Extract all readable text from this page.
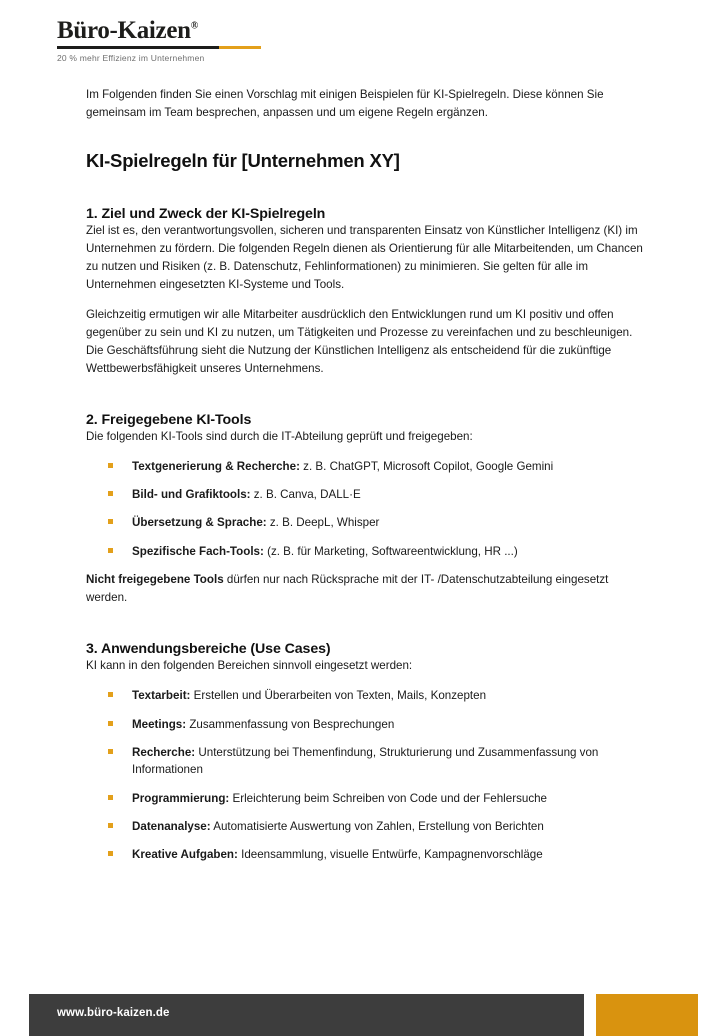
Büro-Kaizen®
20 % mehr Effizienz im Unternehmen

Im Folgenden finden Sie einen Vorschlag mit einigen Beispielen für KI-Spielregeln. Diese können Sie gemeinsam im Team besprechen, anpassen und um eigene Regeln ergänzen.

KI-Spielregeln für [Unternehmen XY]
1. Ziel und Zweck der KI-Spielregeln

Ziel ist es, den verantwortungsvollen, sicheren und transparenten Einsatz von Künstlicher Intelligenz (KI) im Unternehmen zu fördern. Die folgenden Regeln dienen als Orientierung für alle Mitarbeitenden, um Chancen zu nutzen und Risiken (z. B. Datenschutz, Fehlinformationen) zu minimieren. Sie gelten für alle im Unternehmen eingesetzten KI-Systeme und Tools.

Gleichzeitig ermutigen wir alle Mitarbeiter ausdrücklich den Entwicklungen rund um KI positiv und offen gegenüber zu sein und KI zu nutzen, um Tätigkeiten und Prozesse zu vereinfachen und zu beschleunigen. Die Geschäftsführung sieht die Nutzung der Künstlichen Intelligenz als entscheidend für die zukünftige Wettbewerbsfähigkeit unseres Unternehmens.

2. Freigegebene KI-Tools

Die folgenden KI-Tools sind durch die IT-Abteilung geprüft und freigegeben:

Textgenerierung & Recherche: z. B. ChatGPT, Microsoft Copilot, Google Gemini
Bild- und Grafiktools: z. B. Canva, DALL·E
Übersetzung & Sprache: z. B. DeepL, Whisper
Spezifische Fach-Tools: (z. B. für Marketing, Softwareentwicklung, HR ...)

Nicht freigegebene Tools dürfen nur nach Rücksprache mit der IT- /Datenschutzabteilung eingesetzt werden.

3. Anwendungsbereiche (Use Cases)

KI kann in den folgenden Bereichen sinnvoll eingesetzt werden:

Textarbeit: Erstellen und Überarbeiten von Texten, Mails, Konzepten
Meetings: Zusammenfassung von Besprechungen
Recherche: Unterstützung bei Themenfindung, Strukturierung und Zusammenfassung von Informationen
Programmierung: Erleichterung beim Schreiben von Code und der Fehlersuche
Datenanalyse: Automatisierte Auswertung von Zahlen, Erstellung von Berichten
Kreative Aufgaben: Ideensammlung, visuelle Entwürfe, Kampagnenvorschläge
www.büro-kaizen.de
